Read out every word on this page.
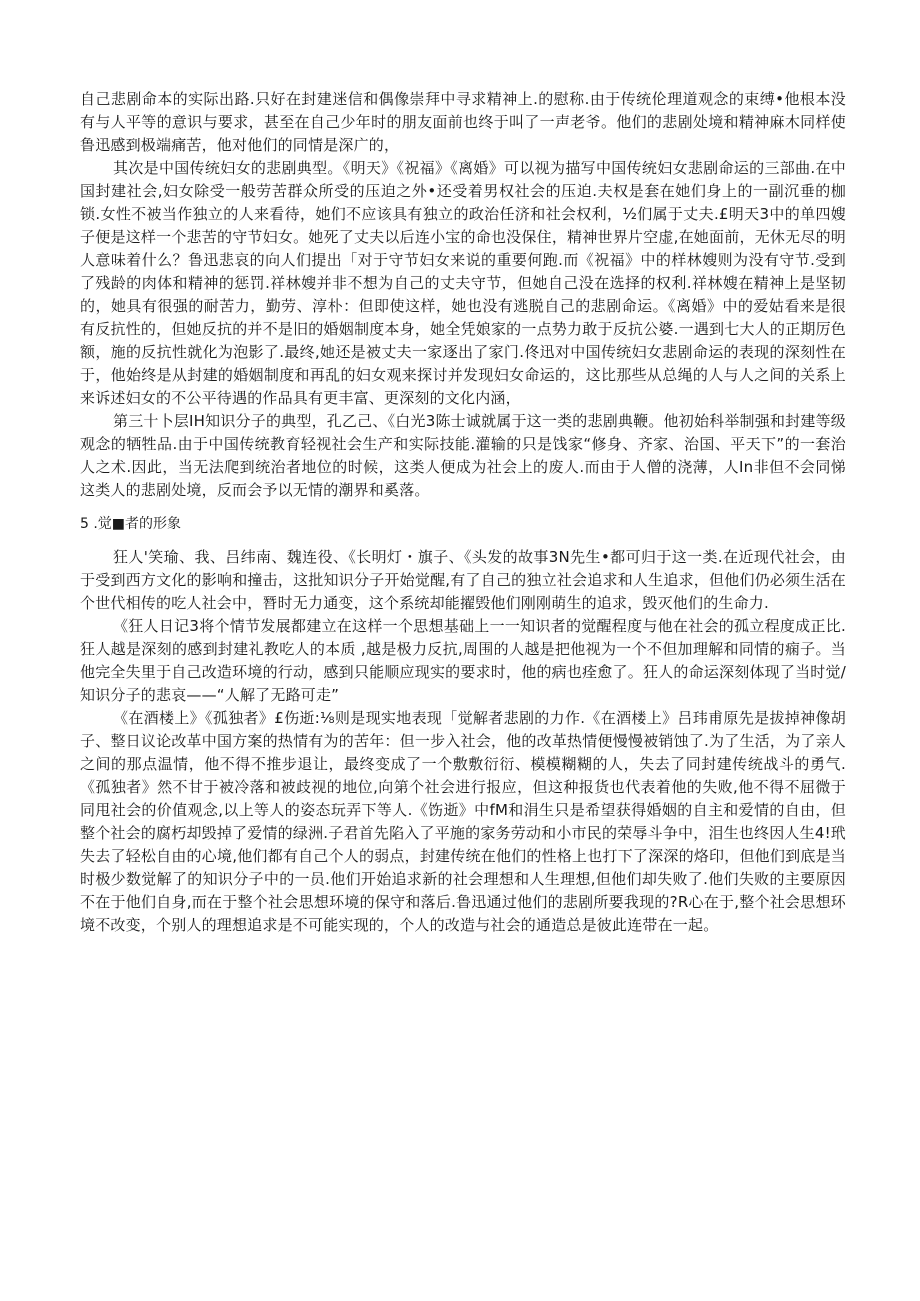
自己悲剧命本的实际出路.只好在封建迷信和偶像崇拜中寻求精神上.的慰称.由于传统伦理道观念的束缚•他根本没有与人平等的意识与要求，甚至在自己少年时的朋友面前也终于叫了一声老爷。他们的悲剧处境和精神麻木同样使鲁迅感到极端痛苦，他对他们的同情是深广的，

其次是中国传统妇女的悲剧典型。《明天》《祝福》《离婚》可以视为描写中国传统妇女悲剧命运的三部曲.在中国封建社会,妇女除受一般劳苦群众所受的压迫之外•还受着男权社会的压迫.夫权是套在她们身上的一副沉垂的枷锁.女性不被当作独立的人来看待，她们不应该具有独立的政治任济和社会权利，½们属于丈夫.£明天3中的单四嫂子便是这样一个悲苦的守节妇女。她死了丈夫以后连小宝的命也没保住，精神世界片空虚,在她面前，无休无尽的明人意味着什么？鲁迅悲哀的向人们提出「对于守节妇女来说的重要何跑.而《祝福》中的样林嫂则为没有守节.受到了残龄的肉体和精神的惩罚.祥林嫂并非不想为自己的丈夫守节，但她自己没在选择的权利.祥林嫂在精神上是坚韧的，她具有很强的耐苦力，勤劳、淳朴：但即使这样，她也没有逃脱自己的悲剧命运。《离婚》中的爱姑看来是很有反抗性的，但她反抗的并不是旧的婚姻制度本身，她全凭娘家的一点势力敢于反抗公婆.一遇到七大人的正期厉色额，施的反抗性就化为泡影了.最终,她还是被丈夫一家逐出了家门.佟迅对中国传统妇女悲剧命运的表现的深刻性在于，他始终是从封建的婚姻制度和再乱的妇女观来探讨并发现妇女命运的，这比那些从总绳的人与人之间的关系上来诉述妇女的不公平待遇的作品具有更丰富、更深刻的文化内涵，

第三十卜层IH知识分子的典型，孔乙己、《白光3陈士诚就属于这一类的悲剧典鞭。他初始科举制强和封建等级观念的牺牲品.由于中国传统教育轻视社会生产和实际技能.灌输的只是饯家“修身、齐家、治国、平天下”的一套治人之术.因此，当无法爬到统治者地位的时候，这类人便成为社会上的废人.而由于人僧的浇薄，人In非但不会同悌这类人的悲剧处境，反而会予以无情的潮界和奚落。

5 .觉■者的形象

狂人'笑瑜、我、吕纬南、魏连役、《长明灯・旗子、《头发的故事3N先生•都可归于这一类.在近现代社会，由于受到西方文化的影响和撞击，这批知识分子开始觉醒,有了自己的独立社会追求和人生追求，但他们仍必须生活在个世代相传的吃人社会中，朁时无力通变，这个系统却能擢毁他们刚刚萌生的追求，毁灭他们的生命力.

《狂人日记3将个情节发展都建立在这样一个思想基础上一一知识者的觉醒程度与他在社会的孤立程度成正比.狂人越是深刻的感到封建礼教吃人的本质 ,越是极力反抗,周围的人越是把他视为一个不但加理解和同情的痫子。当他完全失里于自己改造环境的行动，感到只能顺应现实的要求时，他的病也痊愈了。狂人的命运深刻体现了当时觉/知识分子的悲哀——“人解了无路可走”

《在酒楼上》《孤独者》£伤逝:⅛则是现实地表现「觉解者悲剧的力作.《在酒楼上》吕玮甫原先是拔掉神像胡子、整日议论改革中国方案的热情有为的苦年：但一步入社会，他的改革热情便慢慢被销蚀了.为了生活，为了亲人之间的那点温情，他不得不推步退让，最终变成了一个敷敷衍衍、模模糊糊的人，失去了同封建传统战斗的勇气.《孤独者》然不甘于被冷落和被歧视的地位,向第个社会进行报应，但这种报货也代表着他的失败,他不得不屈微于同甩社会的价值观念,以上等人的姿态玩弄下等人.《饬逝》中fM和涓生只是希望获得婚姻的自主和爱情的自由，但整个社会的腐朽却毁掉了爱情的绿洲.子君首先陷入了平施的家务劳动和小市民的荣辱斗争中，泪生也终因人生4!玳失去了轻松自由的心境,他们都有自己个人的弱点，封建传统在他们的性格上也打下了深深的烙印，但他们到底是当时极少数觉解了的知识分子中的一员.他们开始追求新的社会理想和人生理想,但他们却失败了.他们失败的主要原因不在于他们自身,而在于整个社会思想环境的保守和落后.鲁迅通过他们的悲剧所要我现的?R心在于,整个社会思想环境不改变，个别人的理想追求是不可能实现的，个人的改造与社会的通造总是彼此连带在一起。
